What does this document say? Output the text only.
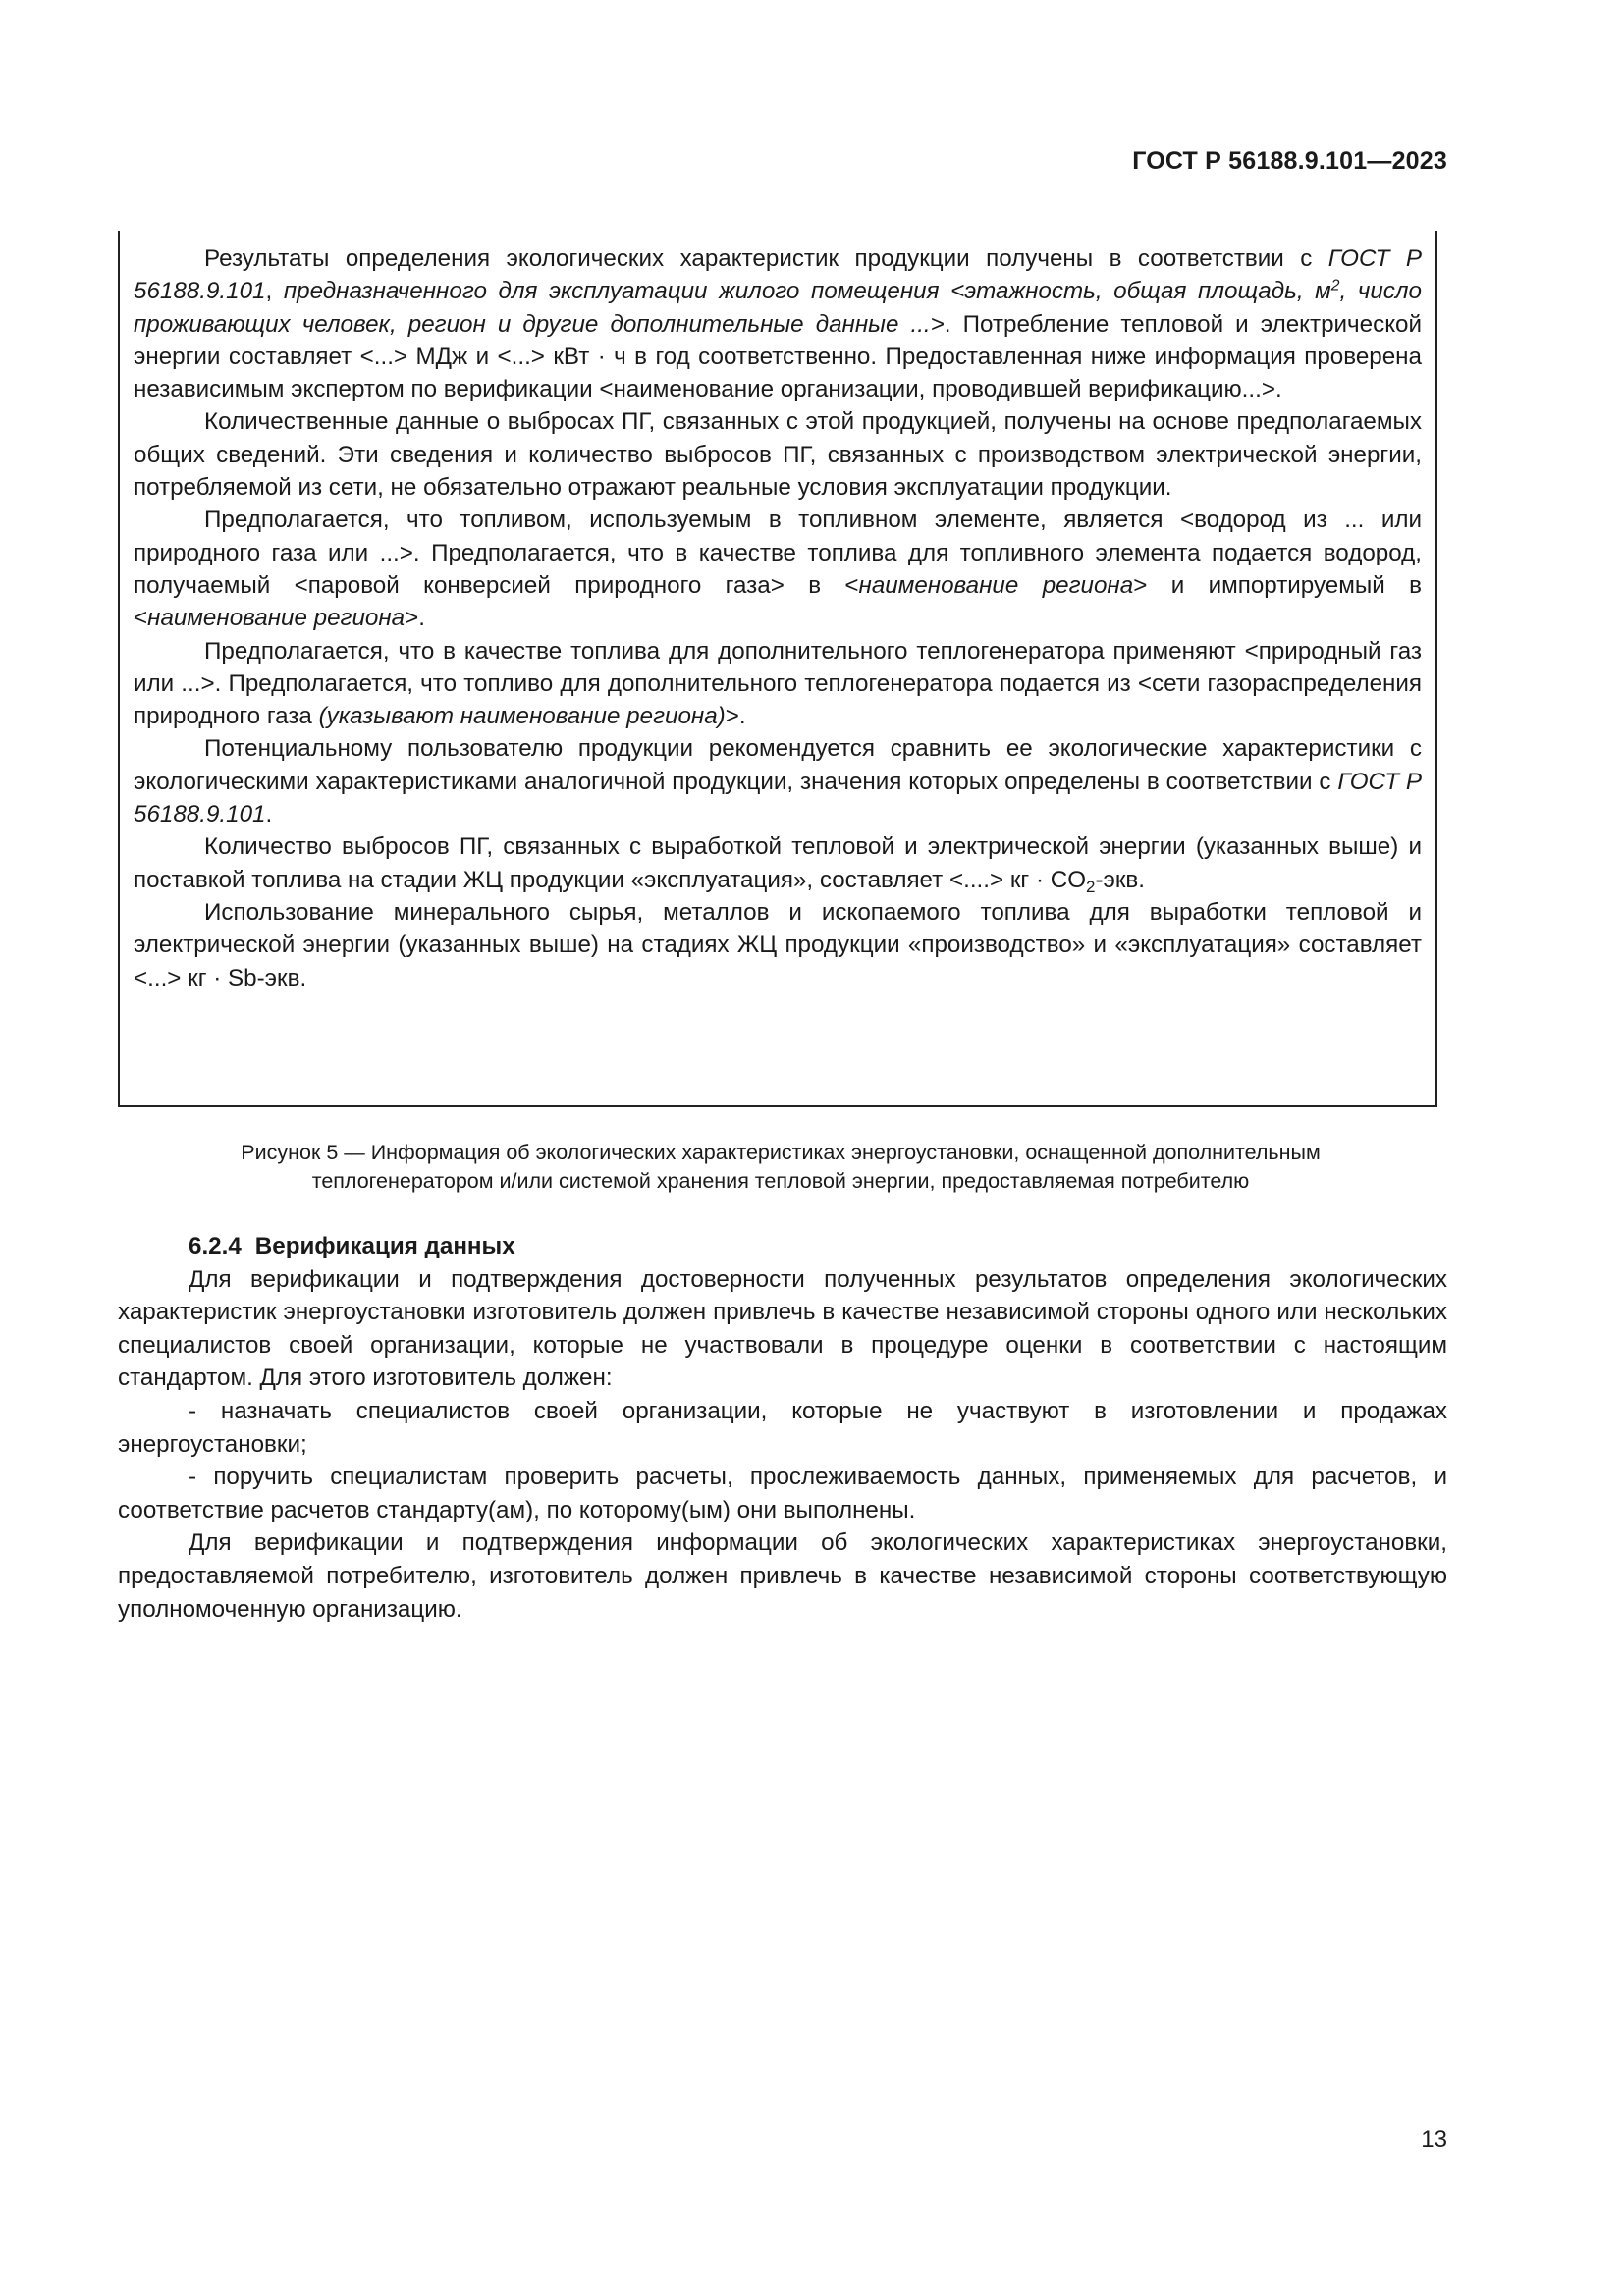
ГОСТ Р 56188.9.101—2023

Результаты определения экологических характеристик продукции получены в соответствии с ГОСТ Р 56188.9.101, предназначенного для эксплуатации жилого помещения <этажность, общая площадь, $м^2$, число проживающих человек, регион и другие дополнительные данные ...>. Потребление тепловой и электрической энергии составляет <...> МДж и <...> кВт · ч в год соответственно. Предоставленная ниже информация проверена независимым экспертом по верификации <наименование организации, проводившей верификацию...>.

Количественные данные о выбросах ПГ, связанных с этой продукцией, получены на основе предполагаемых общих сведений. Эти сведения и количество выбросов ПГ, связанных с производством электрической энергии, потребляемой из сети, не обязательно отражают реальные условия эксплуатации продукции.

Предполагается, что топливом, используемым в топливном элементе, является <водород из ... или природного газа или ...>. Предполагается, что в качестве топлива для топливного элемента подается водород, получаемый <паровой конверсией природного газа> в <наименование региона> и импортируемый в <наименование региона>.

Предполагается, что в качестве топлива для дополнительного теплогенератора применяют <природный газ или ...>. Предполагается, что топливо для дополнительного теплогенератора подается из <сети газораспределения природного газа (указывают наименование региона)>.

Потенциальному пользователю продукции рекомендуется сравнить ее экологические характеристики с экологическими характеристиками аналогичной продукции, значения которых определены в соответствии с ГОСТ Р 56188.9.101.

Количество выбросов ПГ, связанных с выработкой тепловой и электрической энергии (указанных выше) и поставкой топлива на стадии ЖЦ продукции «эксплуатация», составляет <....> кг · $CO_2$-экв.

Использование минерального сырья, металлов и ископаемого топлива для выработки тепловой и электрической энергии (указанных выше) на стадиях ЖЦ продукции «производство» и «эксплуатация» составляет <...> кг · Sb-экв.

Рисунок 5 — Информация об экологических характеристиках энергоустановки, оснащенной дополнительным

теплогенератором и/или системой хранения тепловой энергии, предоставляемая потребителю

6.2.4 Верификация данных

Для верификации и подтверждения достоверности полученных результатов определения экологических характеристик энергоустановки изготовитель должен привлечь в качестве независимой стороны одного или нескольких специалистов своей организации, которые не участвовали в процедуре оценки в соответствии с настоящим стандартом. Для этого изготовитель должен:

- назначать специалистов своей организации, которые не участвуют в изготовлении и продажах энергоустановки;

- поручить специалистам проверить расчеты, прослеживаемость данных, применяемых для расчетов, и соответствие расчетов стандарту(ам), по которому(ым) они выполнены.

Для верификации и подтверждения информации об экологических характеристиках энергоустановки, предоставляемой потребителю, изготовитель должен привлечь в качестве независимой стороны соответствующую уполномоченную организацию.

13
